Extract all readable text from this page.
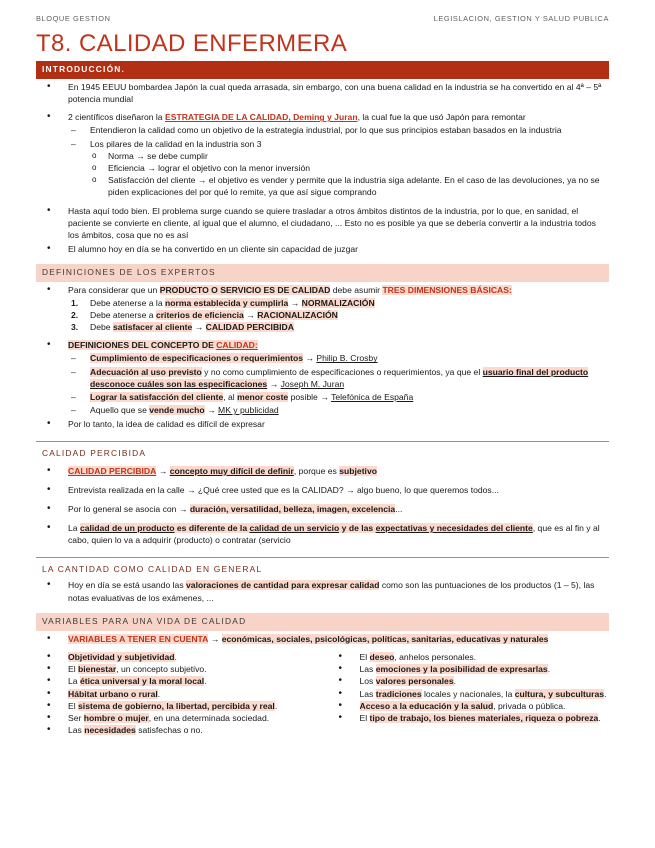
BLOQUE GESTION	LEGISLACION, GESTION Y SALUD PUBLICA
T8. CALIDAD ENFERMERA
INTRODUCCIÓN.
• En 1945 EEUU bombardea Japón la cual queda arrasada, sin embargo, con una buena calidad en la industria se ha convertido en al 4ª – 5ª potencia mundial
• 2 científicos diseñaron la ESTRATEGIA DE LA CALIDAD, Deming y Juran, la cual fue la que usó Japón para remontar
– Entendieron la calidad como un objetivo de la estrategia industrial, por lo que sus principios estaban basados en la industria
– Los pilares de la calidad en la industria son 3
o Norma → se debe cumplir
o Eficiencia → lograr el objetivo con la menor inversión
o Satisfacción del cliente → el objetivo es vender y permite que la industria siga adelante. En el caso de las devoluciones, ya no se piden explicaciones del por qué lo remite, ya que así sigue comprando
• Hasta aquí todo bien. El problema surge cuando se quiere trasladar a otros ámbitos distintos de la industria, por lo que, en sanidad, el paciente se convierte en cliente, al igual que el alumno, el ciudadano, ... Esto no es posible ya que se debería convertir a la industria todos los ámbitos, cosa que no es así
• El alumno hoy en día se ha convertido en un cliente sin capacidad de juzgar
DEFINICIONES DE LOS EXPERTOS
• Para considerar que un PRODUCTO O SERVICIO ES DE CALIDAD debe asumir TRES DIMENSIONES BÁSICAS:
1. Debe atenerse a la norma establecida y cumplirla → NORMALIZACIÓN
2. Debe atenerse a criterios de eficiencia → RACIONALIZACIÓN
3. Debe satisfacer al cliente → CALIDAD PERCIBIDA
• DEFINICIONES DEL CONCEPTO DE CALIDAD:
– Cumplimiento de especificaciones o requerimientos → Philip B. Crosby
– Adecuación al uso previsto y no como cumplimiento de especificaciones o requerimientos, ya que el usuario final del producto desconoce cuáles son las especificaciones → Joseph M. Juran
– Lograr la satisfacción del cliente, al menor coste posible → Telefónica de España
– Aquello que se vende mucho → MK y publicidad
• Por lo tanto, la idea de calidad es difícil de expresar
CALIDAD PERCIBIDA
• CALIDAD PERCIBIDA → concepto muy difícil de definir, porque es subjetivo
• Entrevista realizada en la calle → ¿Qué cree usted que es la CALIDAD? → algo bueno, lo que queremos todos...
• Por lo general se asocia con → duración, versatilidad, belleza, imagen, excelencia...
• La calidad de un producto es diferente de la calidad de un servicio y de las expectativas y necesidades del cliente, que es al fin y al cabo, quien lo va a adquirir (producto) o contratar (servicio
LA CANTIDAD COMO CALIDAD EN GENERAL
• Hoy en día se está usando las valoraciones de cantidad para expresar calidad como son las puntuaciones de los productos (1 – 5), las notas evaluativas de los exámenes, ...
VARIABLES PARA UNA VIDA DE CALIDAD
• VARIABLES A TENER EN CUENTA → económicas, sociales, psicológicas, políticas, sanitarias, educativas y naturales
• Objetividad y subjetividad.
• El bienestar, un concepto subjetivo.
• La ética universal y la moral local.
• Hábitat urbano o rural.
• El sistema de gobierno, la libertad, percibida y real.
• Ser hombre o mujer, en una determinada sociedad.
• Las necesidades satisfechas o no.
• El deseo, anhelos personales.
• Las emociones y la posibilidad de expresarlas.
• Los valores personales.
• Las tradiciones locales y nacionales, la cultura, y subculturas.
• Acceso a la educación y la salud, privada o pública.
• El tipo de trabajo, los bienes materiales, riqueza o pobreza.
